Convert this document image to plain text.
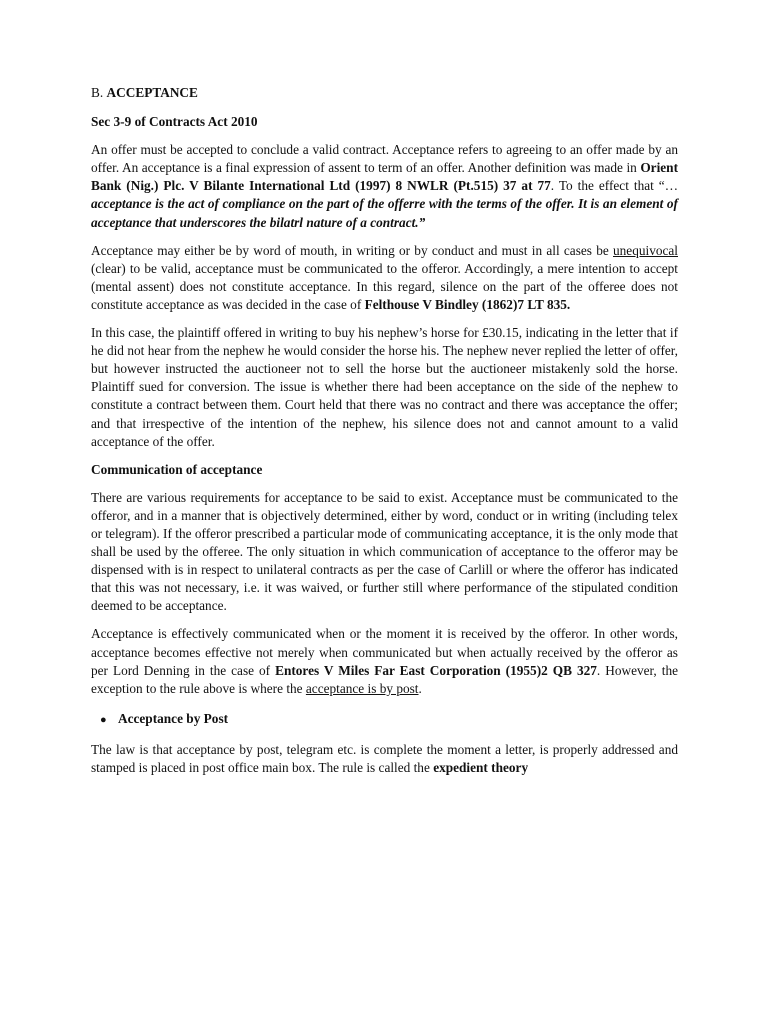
B. ACCEPTANCE
Sec 3-9 of Contracts Act 2010

An offer must be accepted to conclude a valid contract. Acceptance refers to agreeing to an offer made by an offer. An acceptance is a final expression of assent to term of an offer. Another definition was made in Orient Bank (Nig.) Plc. V Bilante International Ltd (1997) 8 NWLR (Pt.515) 37 at 77. To the effect that “…acceptance is the act of compliance on the part of the offerre with the terms of the offer. It is an element of acceptance that underscores the bilatrl nature of a contract.”

Acceptance may either be by word of mouth, in writing or by conduct and must in all cases be unequivocal (clear) to be valid, acceptance must be communicated to the offeror. Accordingly, a mere intention to accept (mental assent) does not constitute acceptance. In this regard, silence on the part of the offeree does not constitute acceptance as was decided in the case of Felthouse V Bindley (1862)7 LT 835.

In this case, the plaintiff offered in writing to buy his nephew’s horse for £30.15, indicating in the letter that if he did not hear from the nephew he would consider the horse his. The nephew never replied the letter of offer, but however instructed the auctioneer not to sell the horse but the auctioneer mistakenly sold the horse. Plaintiff sued for conversion. The issue is whether there had been acceptance on the side of the nephew to constitute a contract between them. Court held that there was no contract and there was acceptance the offer; and that irrespective of the intention of the nephew, his silence does not and cannot amount to a valid acceptance of the offer.

Communication of acceptance

There are various requirements for acceptance to be said to exist. Acceptance must be communicated to the offeror, and in a manner that is objectively determined, either by word, conduct or in writing (including telex or telegram). If the offeror prescribed a particular mode of communicating acceptance, it is the only mode that shall be used by the offeree. The only situation in which communication of acceptance to the offeror may be dispensed with is in respect to unilateral contracts as per the case of Carlill or where the offeror has indicated that this was not necessary, i.e. it was waived, or further still where performance of the stipulated condition deemed to be acceptance.

Acceptance is effectively communicated when or the moment it is received by the offeror. In other words, acceptance becomes effective not merely when communicated but when actually received by the offeror as per Lord Denning in the case of Entores V Miles Far East Corporation (1955)2 QB 327. However, the exception to the rule above is where the acceptance is by post.

● Acceptance by Post

The law is that acceptance by post, telegram etc. is complete the moment a letter, is properly addressed and stamped is placed in post office main box. The rule is called the expedient theory
